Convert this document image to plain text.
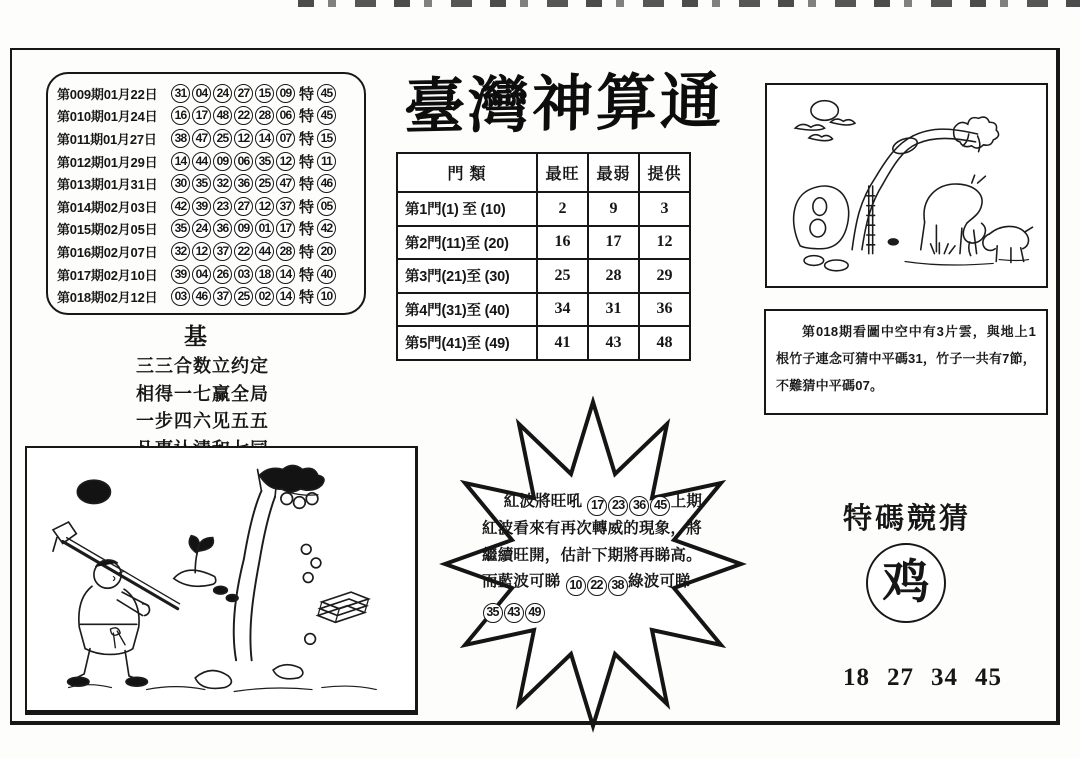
第009期01月22日	31 04 24 27 15 09 特 45
第010期01月24日	16 17 48 22 28 06 特 45
第011期01月27日	38 47 25 12 14 07 特 15
第012期01月29日	14 44 09 06 35 12 特 11
第013期01月31日	30 35 32 36 25 47 特 46
第014期02月03日	42 39 23 27 12 37 特 05
第015期02月05日	35 24 36 09 01 17 特 42
第016期02月07日	32 12 37 22 44 28 特 20
第017期02月10日	39 04 26 03 18 14 特 40
第018期02月12日	03 46 37 25 02 14 特 10
臺灣神算通
門 類	最旺	最弱	提供
第1門(1) 至 (10)	2	9	3
第2門(11)至 (20)	16	17	12
第3門(21)至 (30)	25	28	29
第4門(31)至 (40)	34	31	36
第5門(41)至 (49)	41	43	48
基
三三合数立约定
相得一七赢全局
一步四六见五五

第018期看圖中空中有3片雲，與地上1根竹子連念可猜中平碼31，竹子一共有7節，不難猜中平碼07。

紅波將旺吼 17 23 36 45 上期紅波看來有再次轉威的現象，將繼續旺開，估計下期將再睇高。而藍波可睇 10 22 38 綠波可睇 35 43 49

特碼競猜
鸡
18 27 34 45
